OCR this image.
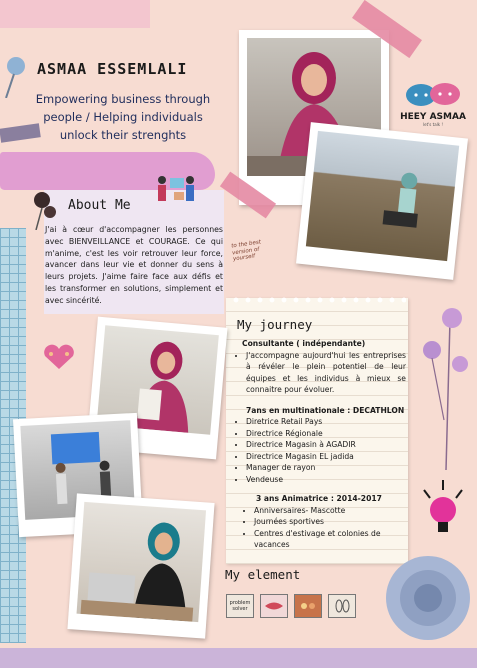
ASMAA ESSEMLALI
Empowering business through
people / Helping individuals
unlock their strenghts
HEEY ASMAA
let's talk !
About Me
J'ai à cœur d'accompagner les personnes avec BIENVEILLANCE et COURAGE. Ce qui m'anime, c'est les voir retrouver leur force, avancer dans leur vie et donner du sens à leurs projets. J'aime faire face aux défis et les transformer en solutions, simplement et avec sincérité.
to the best version of yourself
My journey
Consultante ( indépendante)
• J'accompagne aujourd'hui les entreprises à révéler le plein potentiel de leur équipes et les individus à mieux se connaitre pour évoluer.
7ans en multinationale : DECATHLON
• Diretrice Retail Pays
• Directrice Régionale
• Directrice Magasin à AGADIR
• Directrice Magasin EL jadida
• Manager de rayon
• Vendeuse
3 ans Animatrice : 2014-2017
• Anniversaires- Mascotte
• Journées sportives
• Centres d'estivage et colonies de vacances
My element
problem solver
